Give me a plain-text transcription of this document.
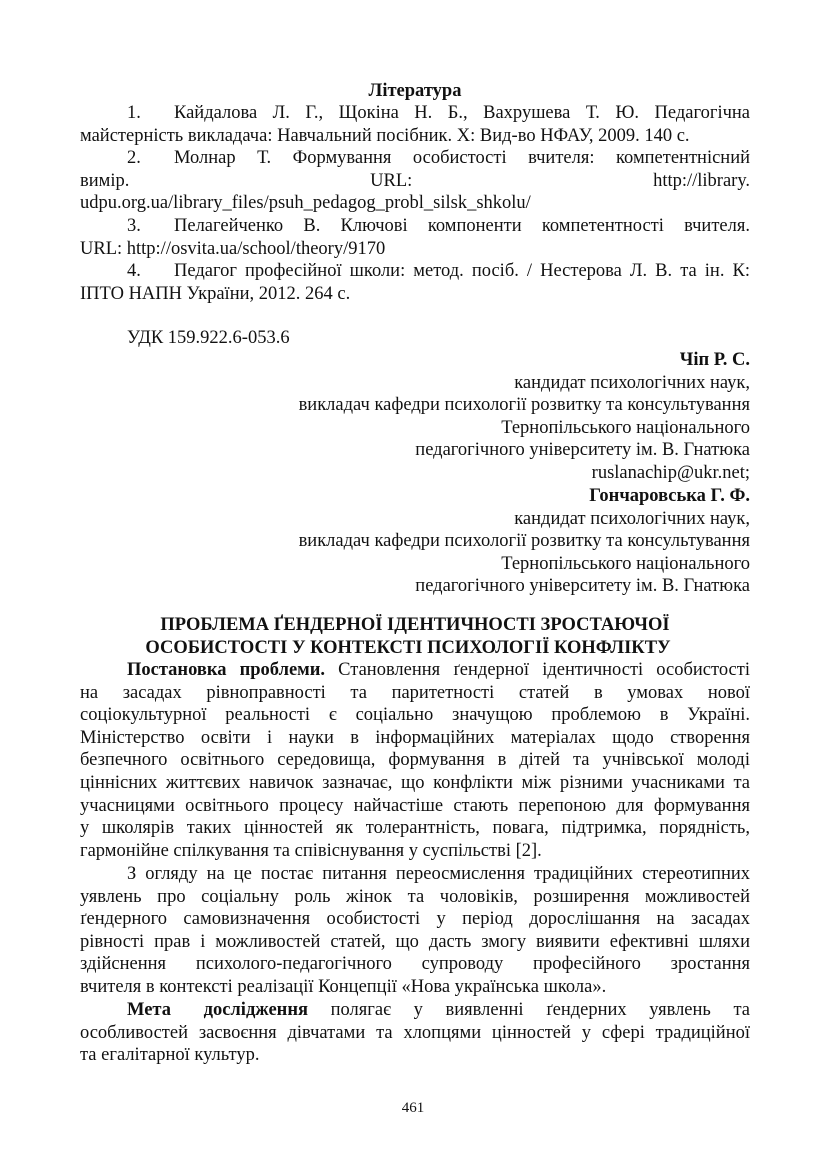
Література
1. Кайдалова Л. Г., Щокіна Н. Б., Вахрушева Т. Ю. Педагогічна
майстерність викладача: Навчальний посібник. Х: Вид-во НФАУ, 2009. 140 с.
2. Молнар Т. Формування особистості вчителя: компетентнісний
вимір.	URL:	http://library.
udpu.org.ua/library_files/psuh_pedagog_probl_silsk_shkolu/
3. Пелагейченко В. Ключові компоненти компетентності вчителя.
URL: http://osvita.ua/school/theory/9170
4. Педагог професійної школи: метод. посіб. / Нестерова Л. В. та ін. К:
ІПТО НАПН України, 2012. 264 с.
УДК 159.922.6-053.6
Чіп Р. С.
кандидат психологічних наук,
викладач кафедри психології розвитку та консультування
Тернопільського національного
педагогічного університету ім. В. Гнатюка
ruslanachip@ukr.net;
Гончаровська Г. Ф.
кандидат психологічних наук,
викладач кафедри психології розвитку та консультування
Тернопільського національного
педагогічного університету ім. В. Гнатюка
ПРОБЛЕМА ҐЕНДЕРНОЇ ІДЕНТИЧНОСТІ ЗРОСТАЮЧОЇ
ОСОБИСТОСТІ У КОНТЕКСТІ ПСИХОЛОГІЇ КОНФЛІКТУ
Постановка проблеми. Становлення ґендерної ідентичності особистості
на засадах рівноправності та паритетності статей в умовах нової
соціокультурної реальності є соціально значущою проблемою в Україні.
Міністерство освіти і науки в інформаційних матеріалах щодо створення
безпечного освітнього середовища, формування в дітей та учнівської молоді
ціннісних життєвих навичок зазначає, що конфлікти між різними учасниками та
учасницями освітнього процесу найчастіше стають перепоною для формування
у школярів таких цінностей як толерантність, повага, підтримка, порядність,
гармонійне спілкування та співіснування у суспільстві [2].
З огляду на це постає питання переосмислення традиційних стереотипних
уявлень про соціальну роль жінок та чоловіків, розширення можливостей
ґендерного самовизначення особистості у період дорослішання на засадах
рівності прав і можливостей статей, що дасть змогу виявити ефективні шляхи
здійснення психолого-педагогічного супроводу професійного зростання
вчителя в контексті реалізації Концепції «Нова українська школа».
Мета дослідження полягає у виявленні ґендерних уявлень та
особливостей засвоєння дівчатами та хлопцями цінностей у сфері традиційної
та егалітарної культур.
461
